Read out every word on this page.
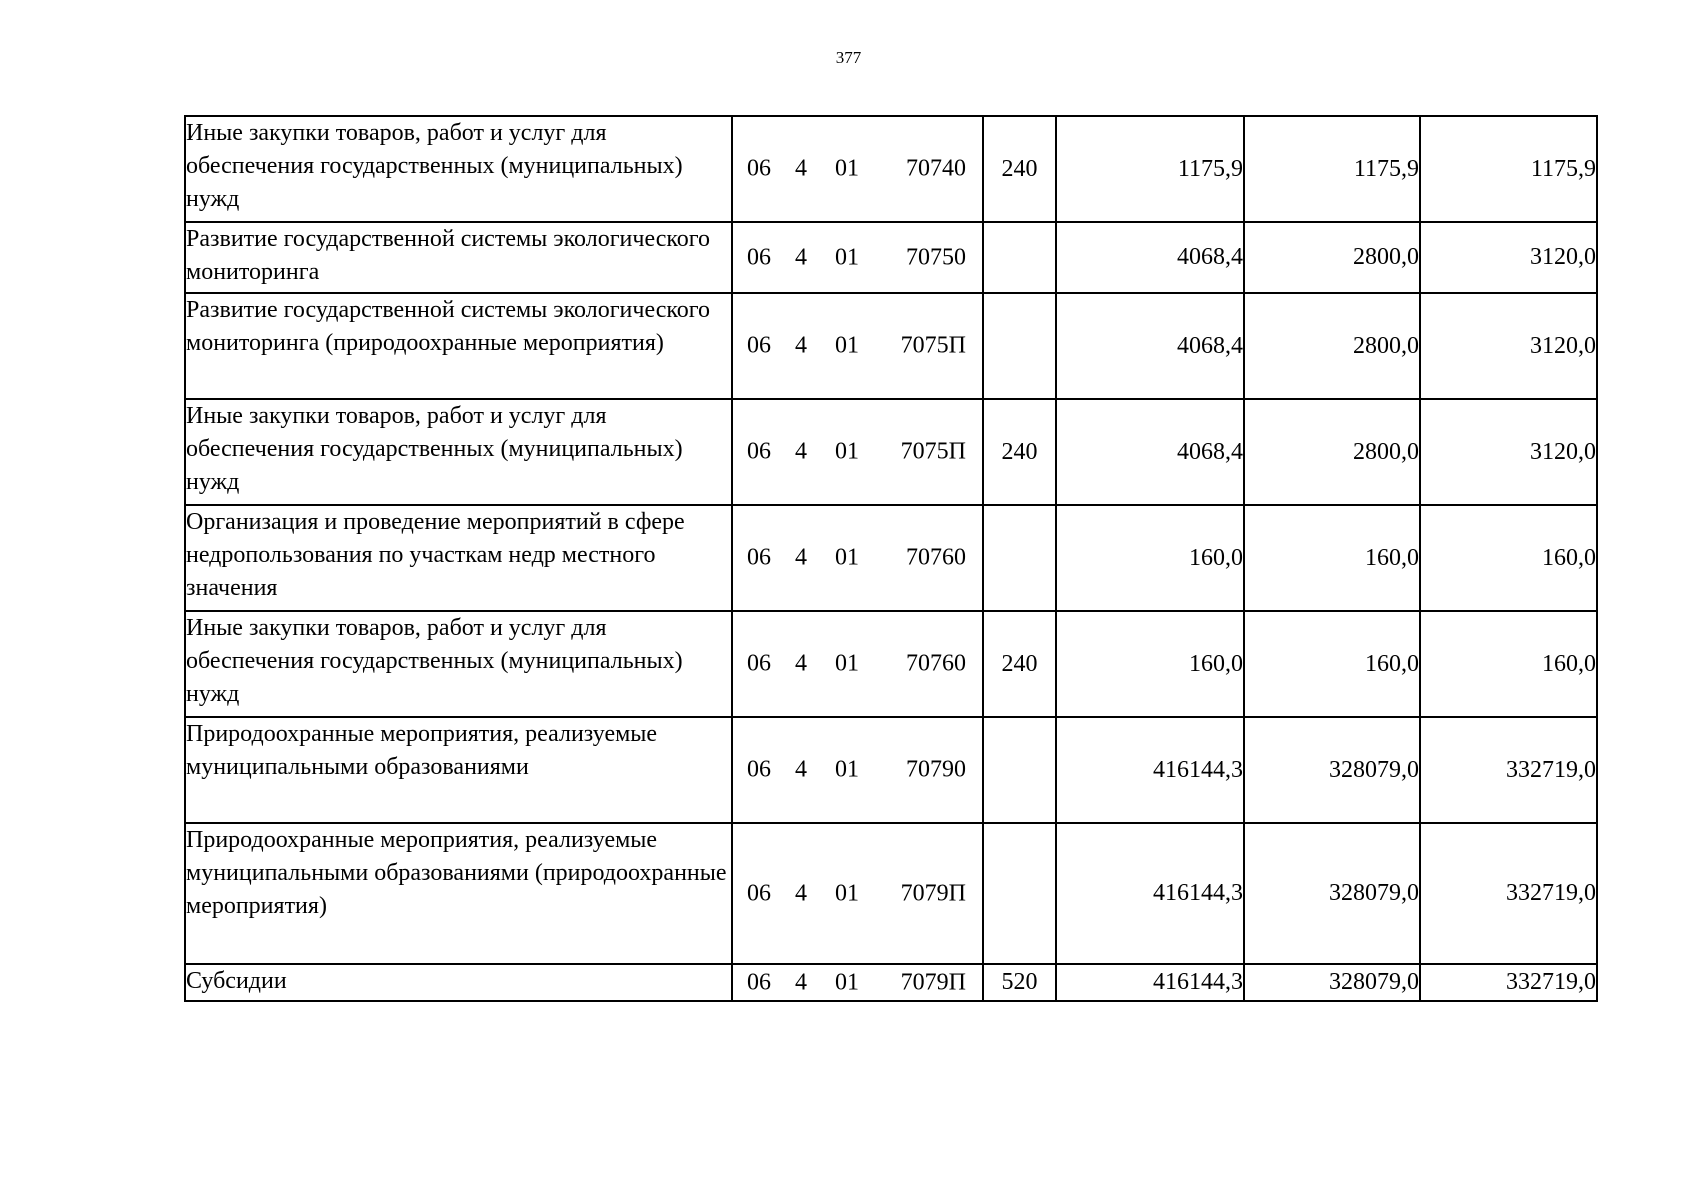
377
Иные закупки товаров, работ и услуг для обеспечения государственных (муниципальных) нужд	06 4 01 70740	240	1175,9	1175,9	1175,9
Развитие государственной системы экологического мониторинга	06 4 01 70750		4068,4	2800,0	3120,0
Развитие государственной системы экологического мониторинга (природоохранные мероприятия)	06 4 01 7075П		4068,4	2800,0	3120,0
Иные закупки товаров, работ и услуг для обеспечения государственных (муниципальных) нужд	06 4 01 7075П	240	4068,4	2800,0	3120,0
Организация и проведение мероприятий в сфере недропользования по участкам недр местного значения	06 4 01 70760		160,0	160,0	160,0
Иные закупки товаров, работ и услуг для обеспечения государственных (муниципальных) нужд	06 4 01 70760	240	160,0	160,0	160,0
Природоохранные мероприятия, реализуемые муниципальными образованиями	06 4 01 70790		416144,3	328079,0	332719,0
Природоохранные мероприятия, реализуемые муниципальными образованиями (природоохранные мероприятия)	06 4 01 7079П		416144,3	328079,0	332719,0
Субсидии	06 4 01 7079П	520	416144,3	328079,0	332719,0
